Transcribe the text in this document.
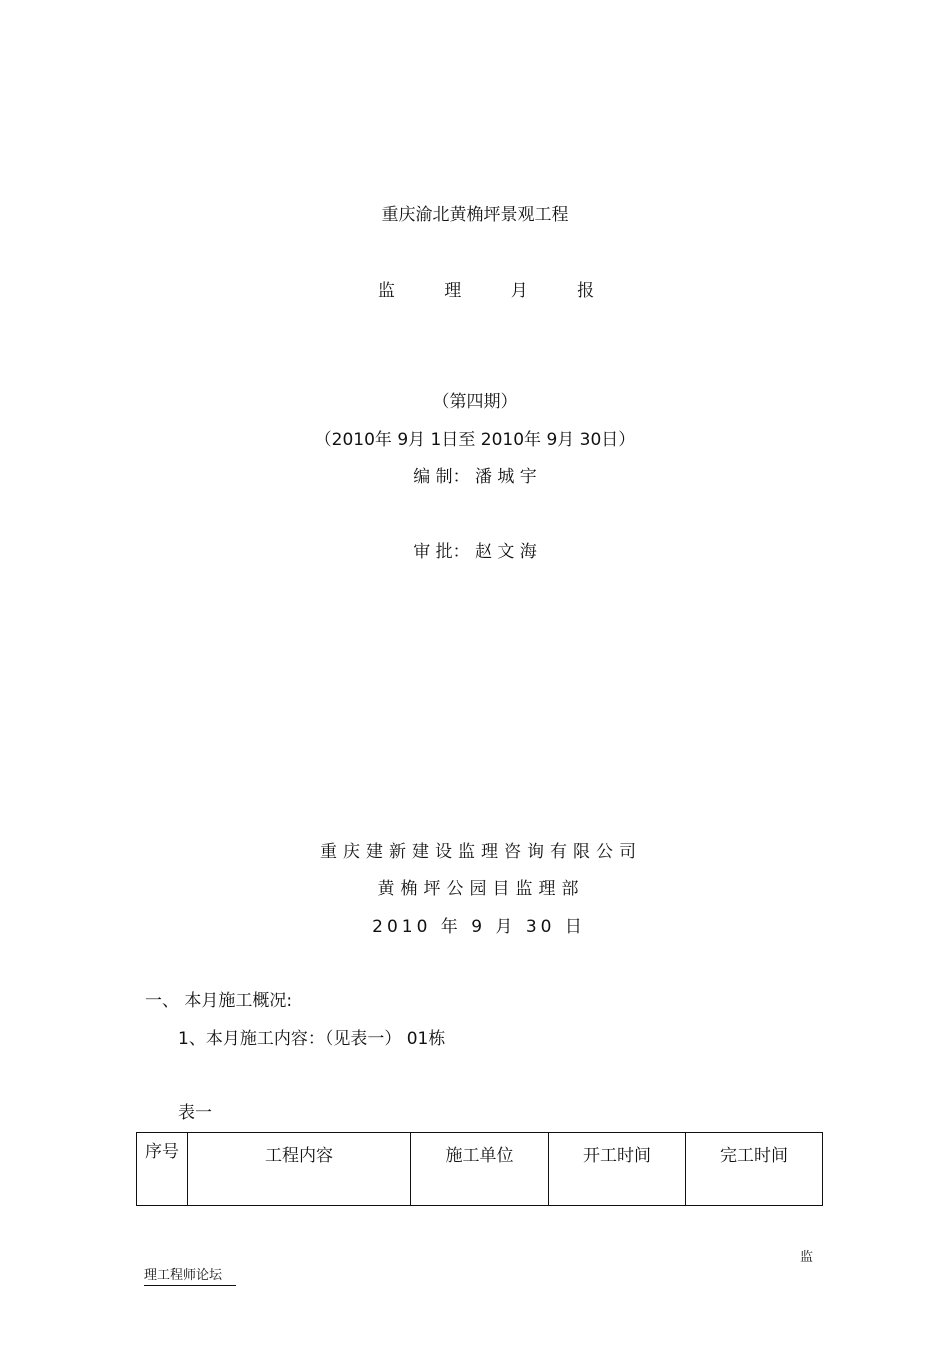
重庆渝北黄桷坪景观工程
监 理 月 报
（第四期）
（2010年 9月 1日至 2010年 9月 30日）
编 制： 潘 城 宇
审 批： 赵 文 海
重庆建新建设监理咨询有限公司
黄桷坪公园目监理部
2010 年 9 月 30 日
一、 本月施工概况:
1、本月施工内容：（见表一） 01栋
表一
序号	工程内容	施工单位	开工时间	完工时间
监
理工程师论坛
